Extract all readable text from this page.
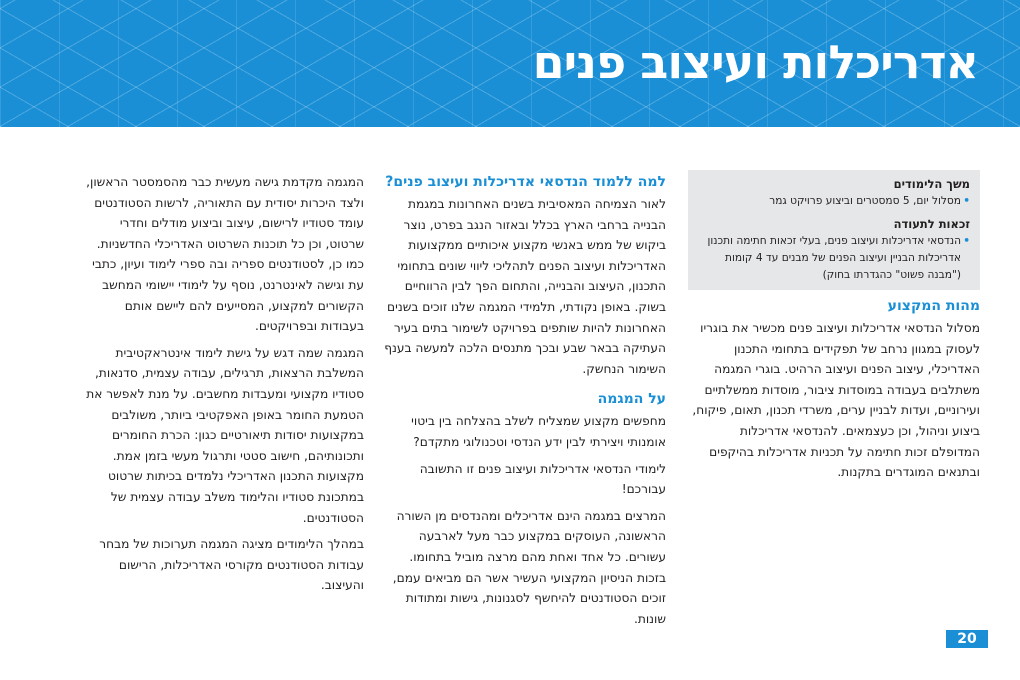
אדריכלות ועיצוב פנים
משך הלימודים
• מסלול יום, 5 סמסטרים וביצוע פרויקט גמר
זכאות לתעודה
• הנדסאי אדריכלות ועיצוב פנים, בעלי זכאות חתימה ותכנון אדריכלות הבניין ועיצוב הפנים של מבנים עד 4 קומות ("מבנה פשוט" כהגדרתו בחוק)
מהות המקצוע

מסלול הנדסאי אדריכלות ועיצוב פנים מכשיר את בוגריו לעסוק במגוון נרחב של תפקידים בתחומי התכנון האדריכלי, עיצוב הפנים ועיצוב הרהיט. בוגרי המגמה משתלבים בעבודה במוסדות ציבור, מוסדות ממשלתיים ועירוניים, ועדות לבניין ערים, משרדי תכנון, תאום, פיקוח, ביצוע וניהול, וכן כעצמאים. להנדסאי אדריכלות המדופלם זכות חתימה על תכניות אדריכלות בהיקפים ובתנאים המוגדרים בתקנות.

למה ללמוד הנדסאי אדריכלות ועיצוב פנים?

לאור הצמיחה המאסיבית בשנים האחרונות במגמת הבנייה ברחבי הארץ בכלל ובאזור הנגב בפרט, נוצר ביקוש של ממש באנשי מקצוע איכותיים ממקצועות האדריכלות ועיצוב הפנים לתהליכי ליווי שונים בתחומי התכנון, העיצוב והבנייה, והתחום הפך לבין הרווחיים בשוק. באופן נקודתי, תלמידי המגמה שלנו זוכים בשנים האחרונות להיות שותפים בפרויקט לשימור בתים בעיר העתיקה בבאר שבע ובכך מתנסים הלכה למעשה בענף השימור הנחשק.

על המגמה

מחפשים מקצוע שמצליח לשלב בהצלחה בין ביטוי אומנותי ויצירתי לבין ידע הנדסי וטכנולוגי מתקדם?

לימודי הנדסאי אדריכלות ועיצוב פנים זו התשובה עבורכם!

המרצים במגמה הינם אדריכלים ומהנדסים מן השורה הראשונה, העוסקים במקצוע כבר מעל לארבעה עשורים. כל אחד ואחת מהם מרצה מוביל בתחומו. בזכות הניסיון המקצועי העשיר אשר הם מביאים עמם, זוכים הסטודנטים להיחשף לסגנונות, גישות ומתודות שונות.

המגמה מקדמת גישה מעשית כבר מהסמסטר הראשון, ולצד היכרות יסודית עם התאוריה, לרשות הסטודנטים עומד סטודיו לרישום, עיצוב וביצוע מודלים וחדרי שרטוט, וכן כל תוכנות השרטוט האדריכלי החדשניות. כמו כן, לסטודנטים ספריה ובה ספרי לימוד ועיון, כתבי עת וגישה לאינטרנט, נוסף על לימודי יישומי המחשב הקשורים למקצוע, המסייעים להם ליישם אותם בעבודות ובפרויקטים.

המגמה שמה דגש על גישת לימוד אינטראקטיבית המשלבת הרצאות, תרגילים, עבודה עצמית, סדנאות, סטודיו מקצועי ומעבדות מחשבים. על מנת לאפשר את הטמעת החומר באופן האפקטיבי ביותר, משולבים במקצועות יסודות תיאורטיים כגון: הכרת החומרים ותכונותיהם, חישוב סטטי ותרגול מעשי בזמן אמת. מקצועות התכנון האדריכלי נלמדים בכיתות שרטוט במתכונת סטודיו והלימוד משלב עבודה עצמית של הסטודנטים.

במהלך הלימודים מציגה המגמה תערוכות של מבחר עבודות הסטודנטים מקורסי האדריכלות, הרישום והעיצוב.

20
